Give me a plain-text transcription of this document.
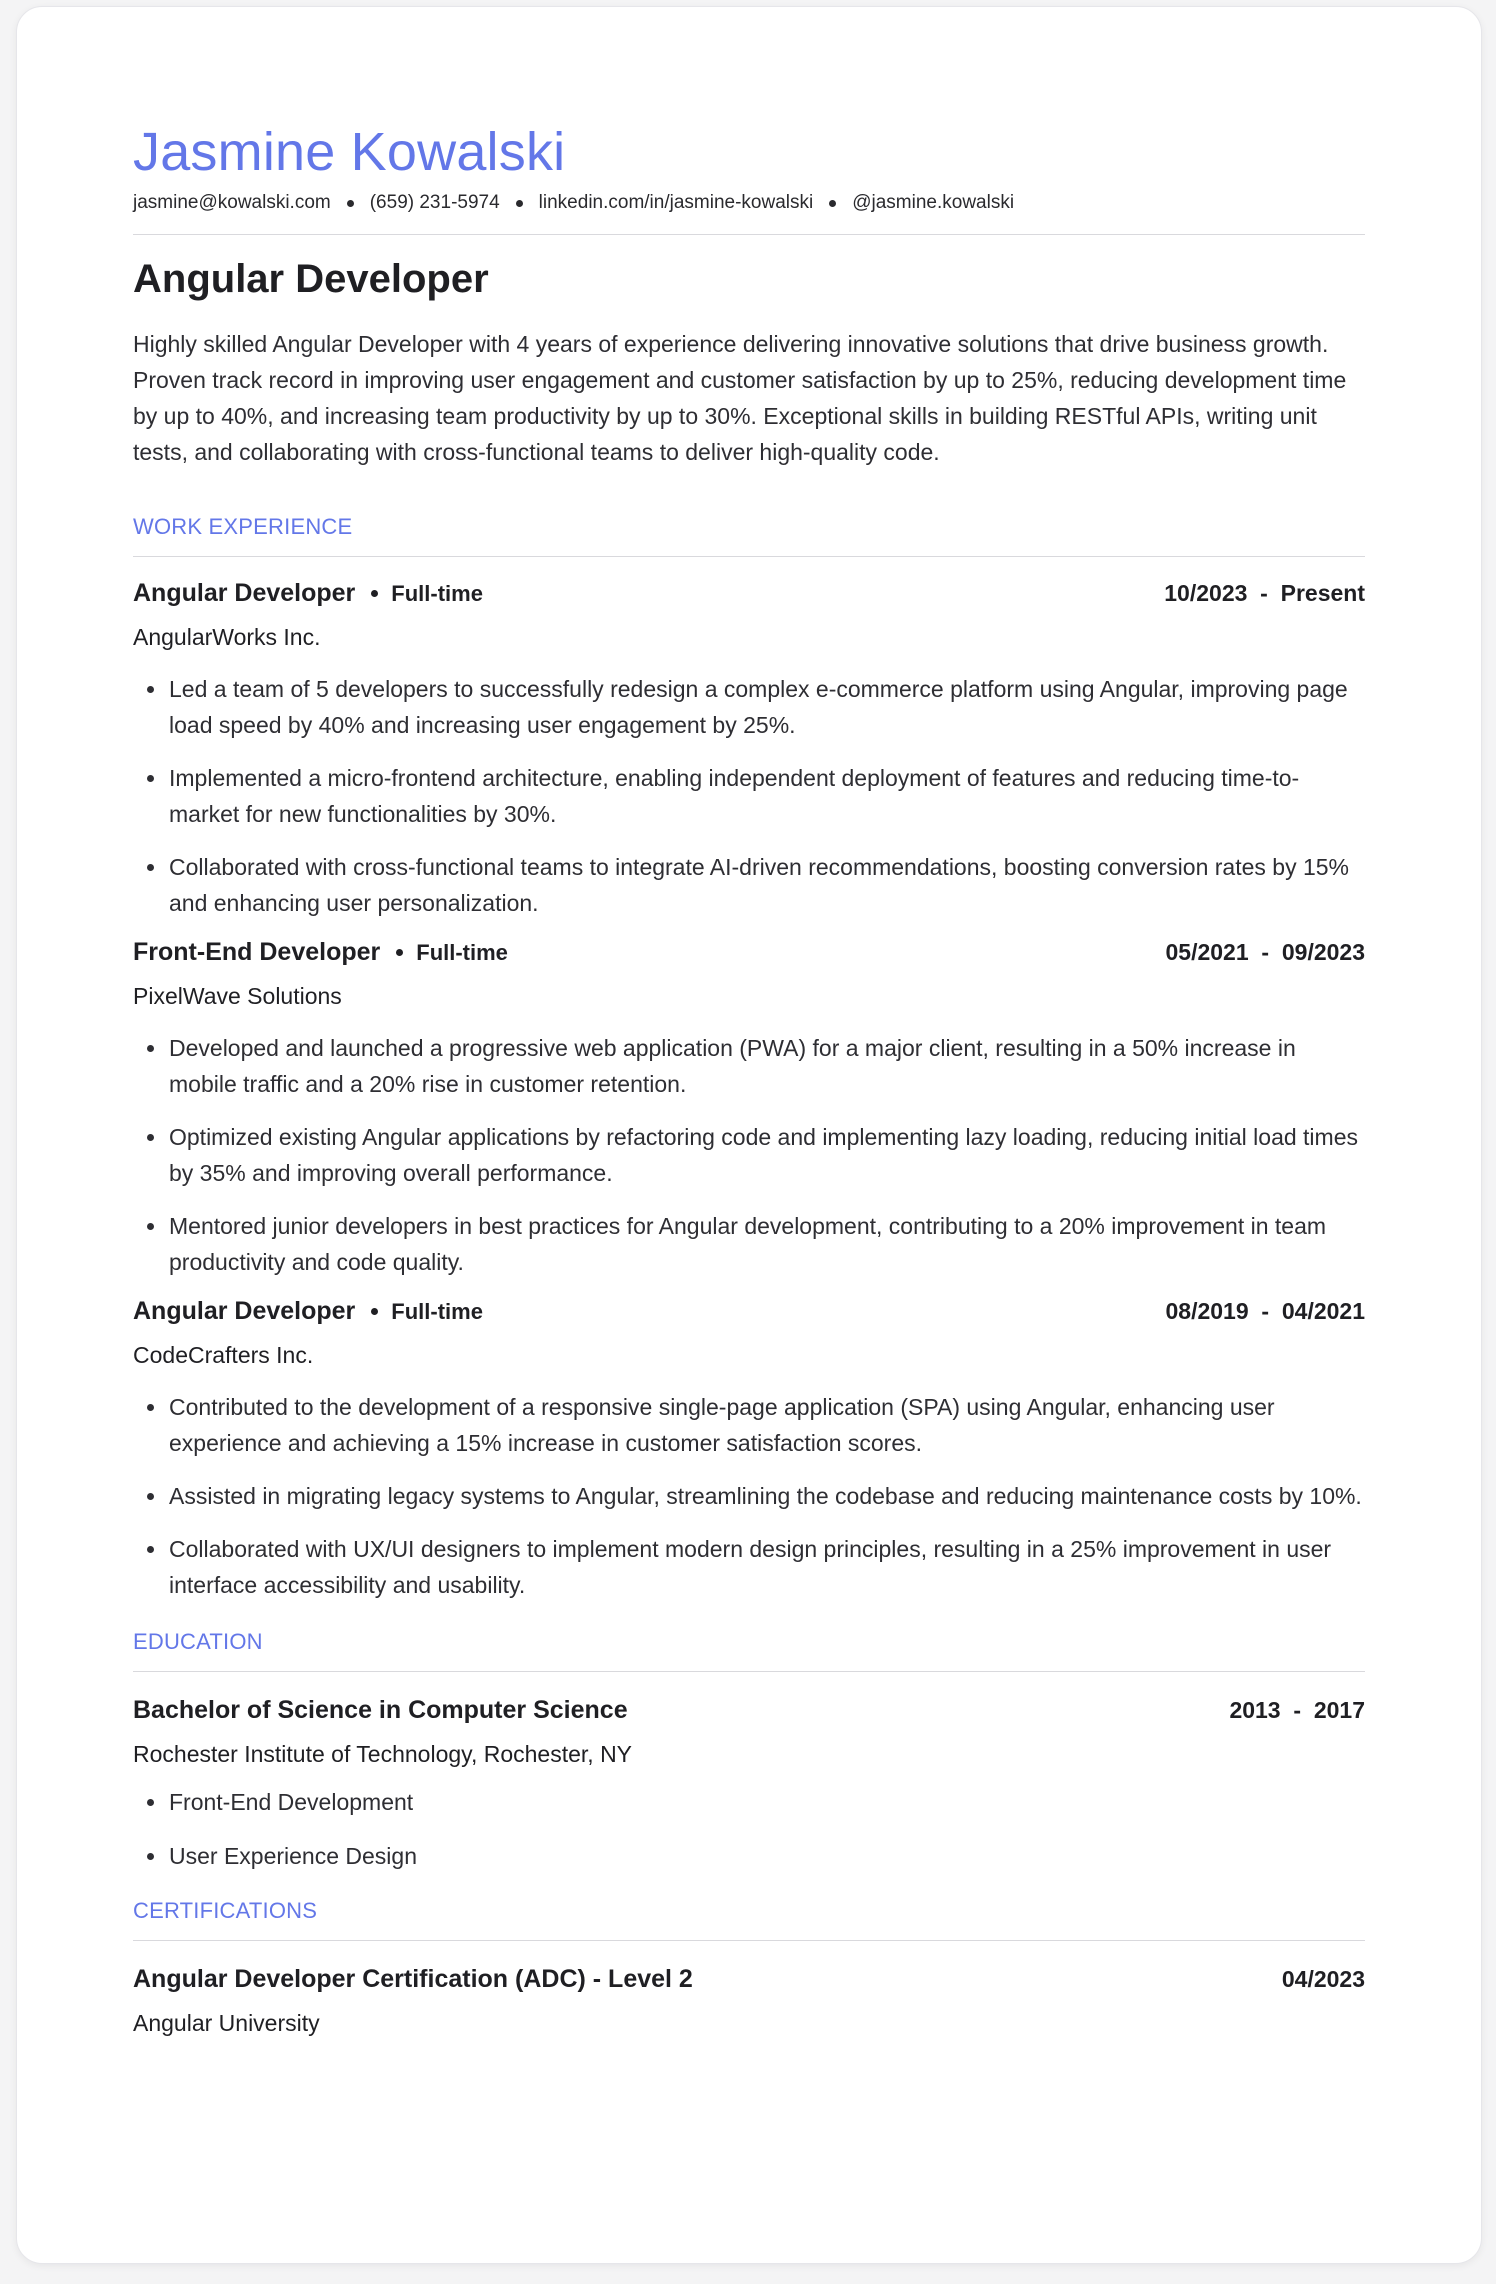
Jasmine Kowalski
jasmine@kowalski.com (659) 231-5974 linkedin.com/in/jasmine-kowalski @jasmine.kowalski
Angular Developer
Highly skilled Angular Developer with 4 years of experience delivering innovative solutions that drive business growth. Proven track record in improving user engagement and customer satisfaction by up to 25%, reducing development time by up to 40%, and increasing team productivity by up to 30%. Exceptional skills in building RESTful APIs, writing unit tests, and collaborating with cross-functional teams to deliver high-quality code.
WORK EXPERIENCE
Angular Developer Full-time	10/2023  -  Present
AngularWorks Inc.
Led a team of 5 developers to successfully redesign a complex e-commerce platform using Angular, improving page load speed by 40% and increasing user engagement by 25%.
Implemented a micro-frontend architecture, enabling independent deployment of features and reducing time-to-market for new functionalities by 30%.
Collaborated with cross-functional teams to integrate AI-driven recommendations, boosting conversion rates by 15% and enhancing user personalization.
Front-End Developer Full-time	05/2021  -  09/2023
PixelWave Solutions
Developed and launched a progressive web application (PWA) for a major client, resulting in a 50% increase in mobile traffic and a 20% rise in customer retention.
Optimized existing Angular applications by refactoring code and implementing lazy loading, reducing initial load times by 35% and improving overall performance.
Mentored junior developers in best practices for Angular development, contributing to a 20% improvement in team productivity and code quality.
Angular Developer Full-time	08/2019  -  04/2021
CodeCrafters Inc.
Contributed to the development of a responsive single-page application (SPA) using Angular, enhancing user experience and achieving a 15% increase in customer satisfaction scores.
Assisted in migrating legacy systems to Angular, streamlining the codebase and reducing maintenance costs by 10%.
Collaborated with UX/UI designers to implement modern design principles, resulting in a 25% improvement in user interface accessibility and usability.
EDUCATION
Bachelor of Science in Computer Science	2013  -  2017
Rochester Institute of Technology, Rochester, NY
Front-End Development
User Experience Design
CERTIFICATIONS
Angular Developer Certification (ADC) - Level 2	04/2023
Angular University
